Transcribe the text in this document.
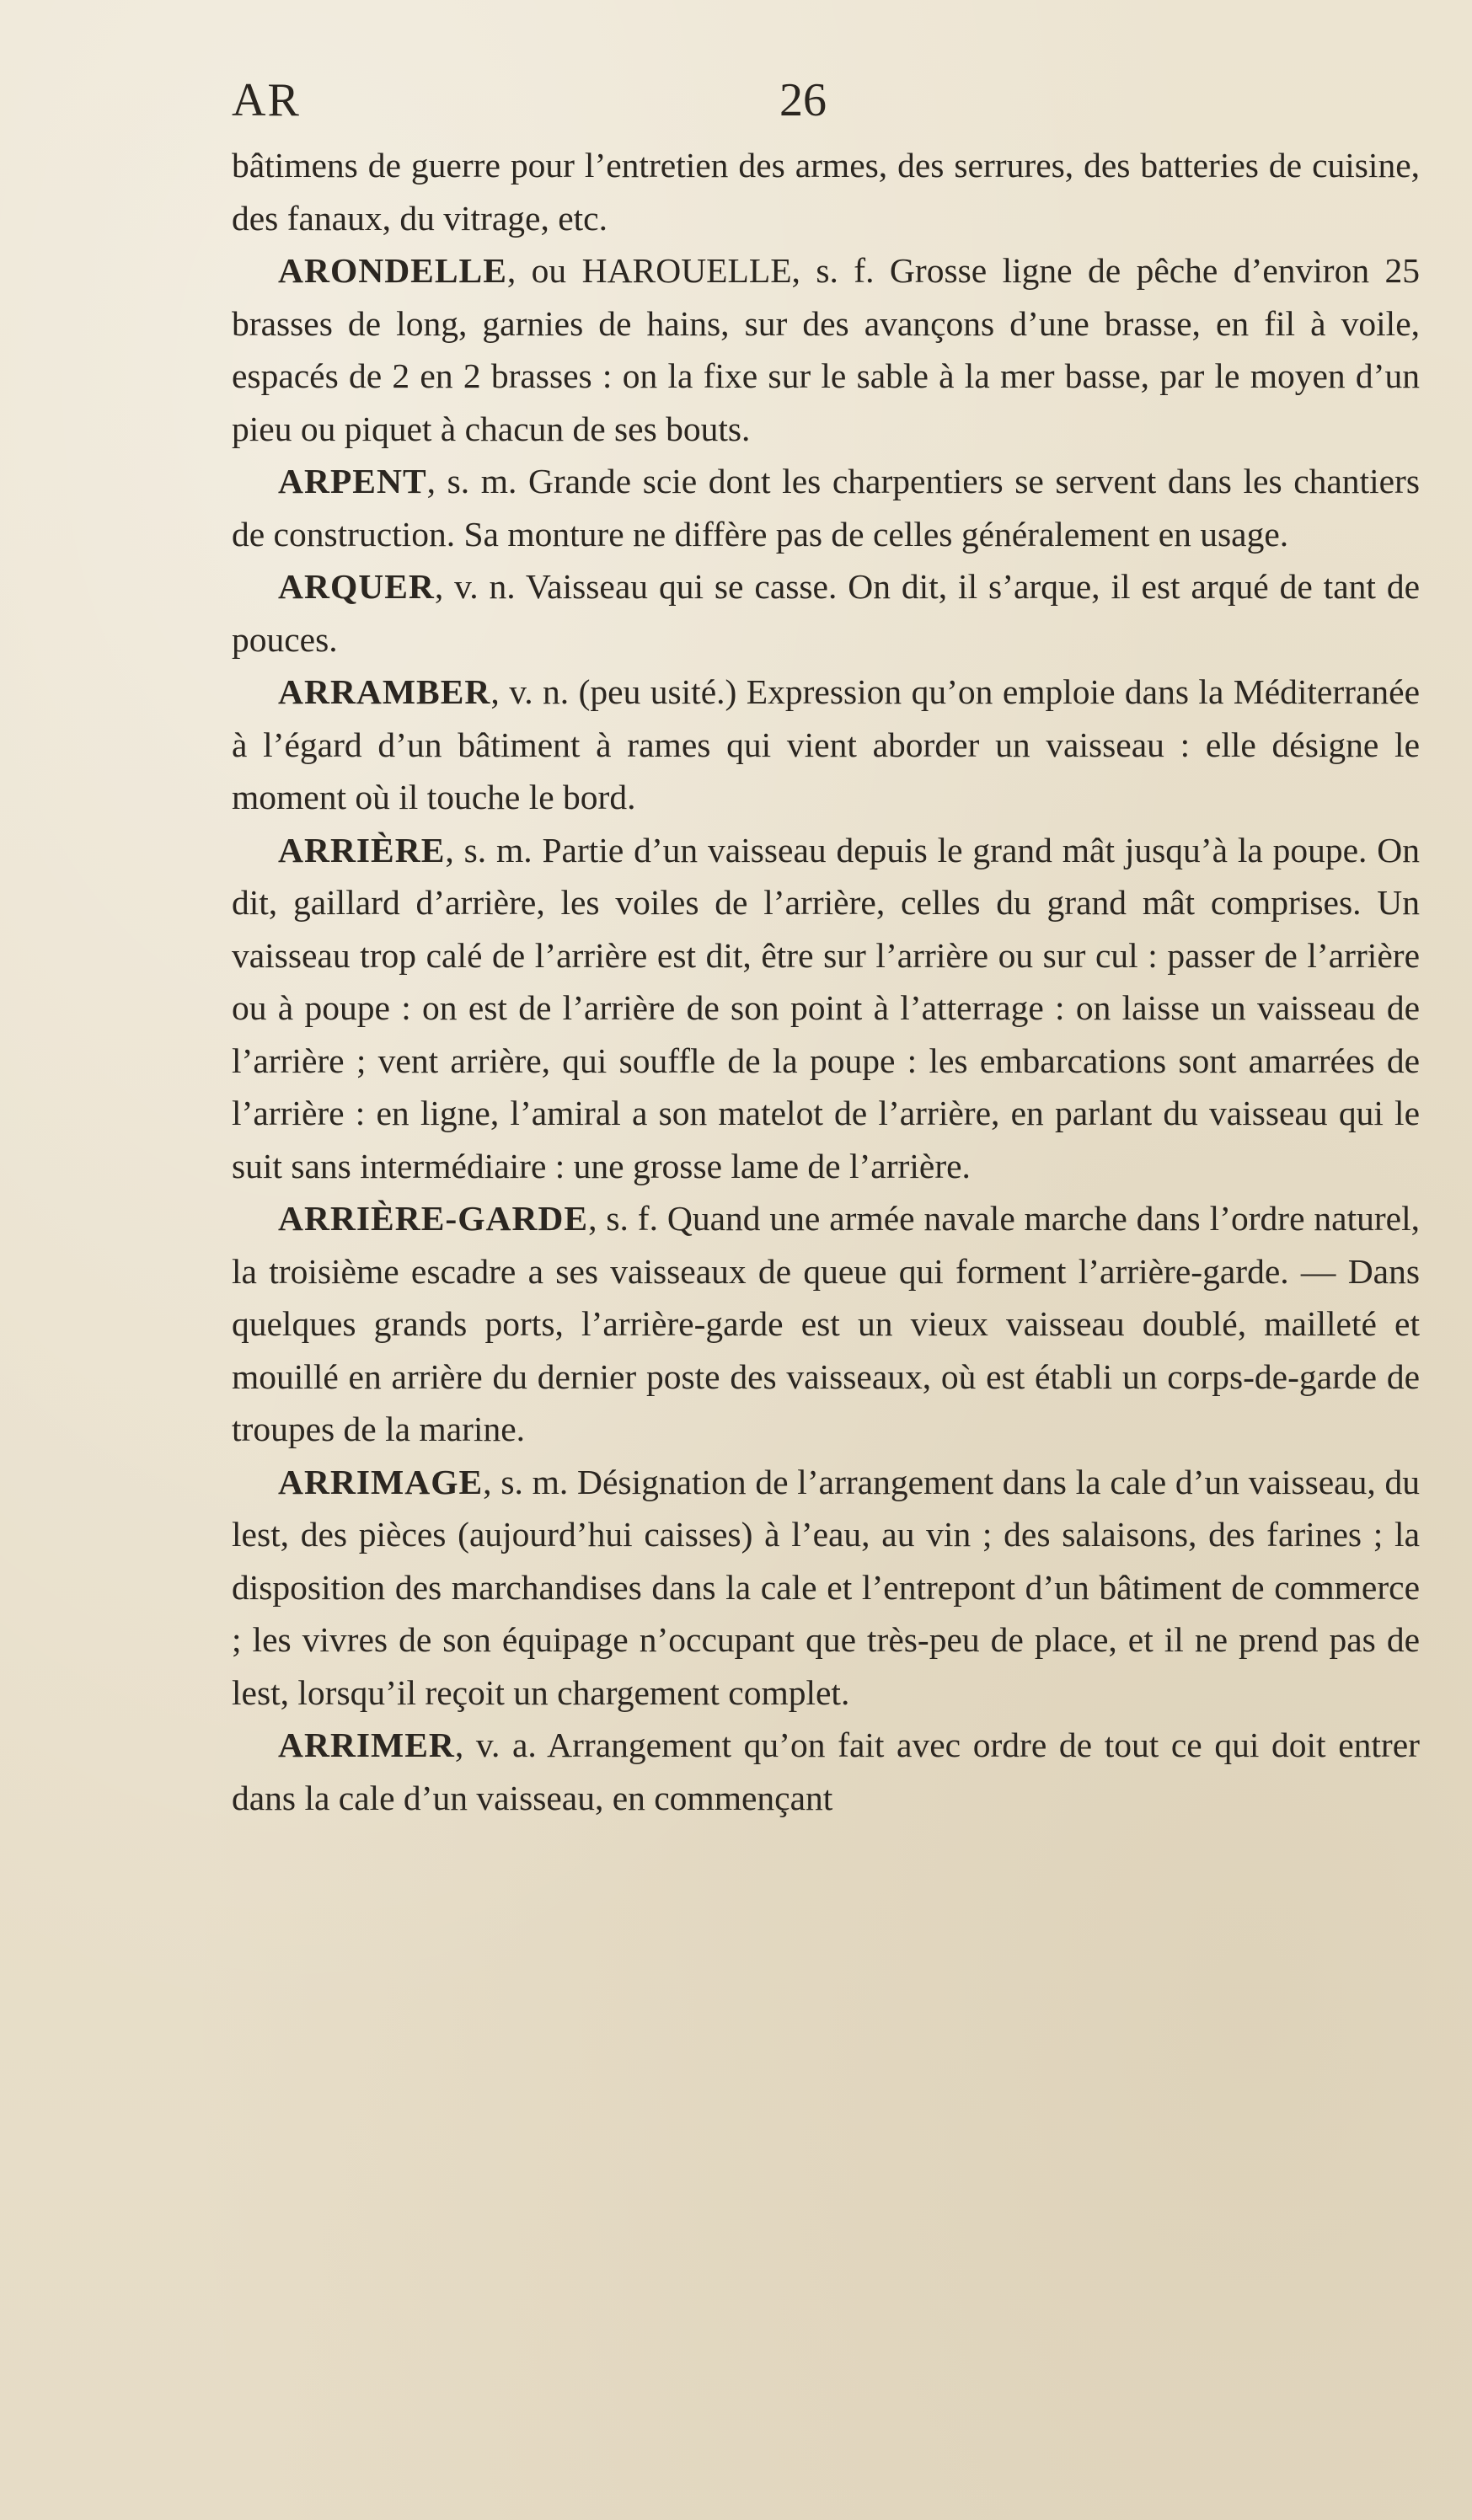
AR	26

bâtimens de guerre pour l’entretien des armes, des serrures, des batteries de cuisine, des fanaux, du vitrage, etc.

ARONDELLE, ou HAROUELLE, s. f. Grosse ligne de pêche d’environ 25 brasses de long, garnies de hains, sur des avançons d’une brasse, en fil à voile, espacés de 2 en 2 brasses : on la fixe sur le sable à la mer basse, par le moyen d’un pieu ou piquet à chacun de ses bouts.

ARPENT, s. m. Grande scie dont les charpentiers se servent dans les chantiers de construction. Sa monture ne diffère pas de celles généralement en usage.

ARQUER, v. n. Vaisseau qui se casse. On dit, il s’arque, il est arqué de tant de pouces.

ARRAMBER, v. n. (peu usité.) Expression qu’on emploie dans la Méditerranée à l’égard d’un bâtiment à rames qui vient aborder un vaisseau : elle désigne le moment où il touche le bord.

ARRIÈRE, s. m. Partie d’un vaisseau depuis le grand mât jusqu’à la poupe. On dit, gaillard d’arrière, les voiles de l’arrière, celles du grand mât comprises. Un vaisseau trop calé de l’arrière est dit, être sur l’arrière ou sur cul : passer de l’arrière ou à poupe : on est de l’arrière de son point à l’atterrage : on laisse un vaisseau de l’arrière ; vent arrière, qui souffle de la poupe : les embarcations sont amarrées de l’arrière : en ligne, l’amiral a son matelot de l’arrière, en parlant du vaisseau qui le suit sans intermédiaire : une grosse lame de l’arrière.

ARRIÈRE-GARDE, s. f. Quand une armée navale marche dans l’ordre naturel, la troisième escadre a ses vaisseaux de queue qui forment l’arrière-garde. — Dans quelques grands ports, l’arrière-garde est un vieux vaisseau doublé, mailleté et mouillé en arrière du dernier poste des vaisseaux, où est établi un corps-de-garde de troupes de la marine.

ARRIMAGE, s. m. Désignation de l’arrangement dans la cale d’un vaisseau, du lest, des pièces (aujourd’hui caisses) à l’eau, au vin ; des salaisons, des farines ; la disposition des marchandises dans la cale et l’entrepont d’un bâtiment de commerce ; les vivres de son équipage n’occupant que très-peu de place, et il ne prend pas de lest, lorsqu’il reçoit un chargement complet.

ARRIMER, v. a. Arrangement qu’on fait avec ordre de tout ce qui doit entrer dans la cale d’un vaisseau, en commençant
